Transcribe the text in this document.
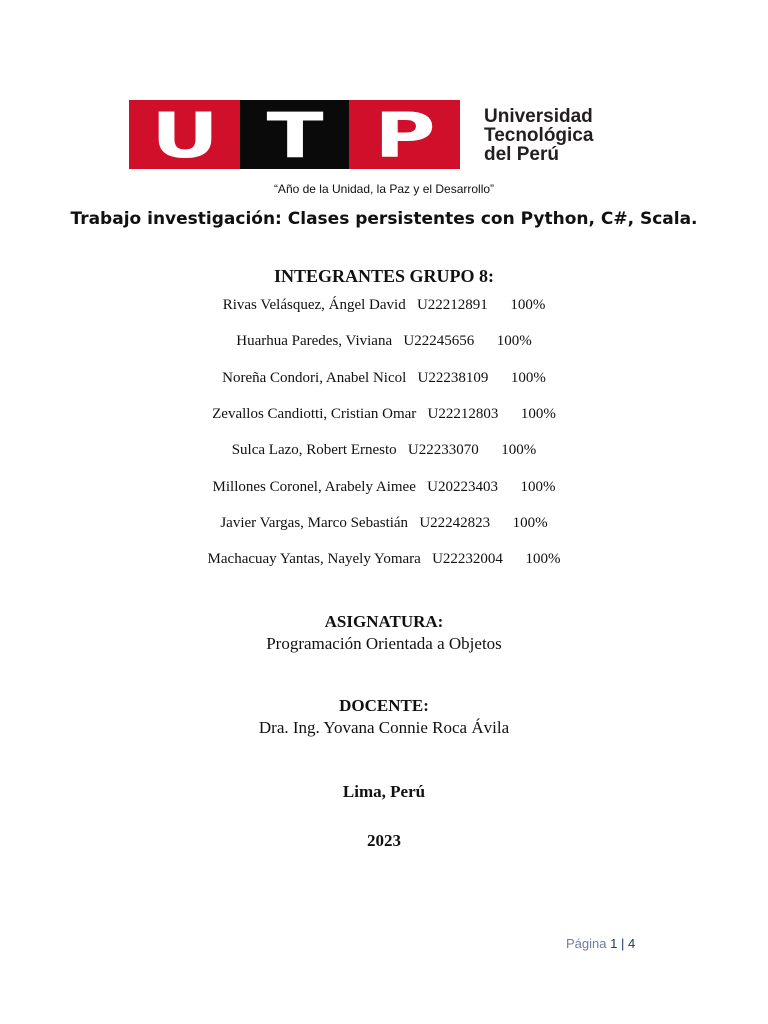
U T P	Universidad
Tecnológica
del Perú
“Año de la Unidad, la Paz y el Desarrollo”
Trabajo investigación: Clases persistentes con Python, C#, Scala.
INTEGRANTES GRUPO 8:
Rivas Velásquez, Ángel David U22212891 100%
Huarhua Paredes, Viviana U22245656 100%
Noreña Condori, Anabel Nicol U22238109 100%
Zevallos Candiotti, Cristian Omar U22212803 100%
Sulca Lazo, Robert Ernesto U22233070 100%
Millones Coronel, Arabely Aimee U20223403 100%
Javier Vargas, Marco Sebastián U22242823 100%
Machacuay Yantas, Nayely Yomara U22232004 100%
ASIGNATURA:
Programación Orientada a Objetos
DOCENTE:
Dra. Ing. Yovana Connie Roca Ávila
Lima, Perú
2023
Página 1 | 4
